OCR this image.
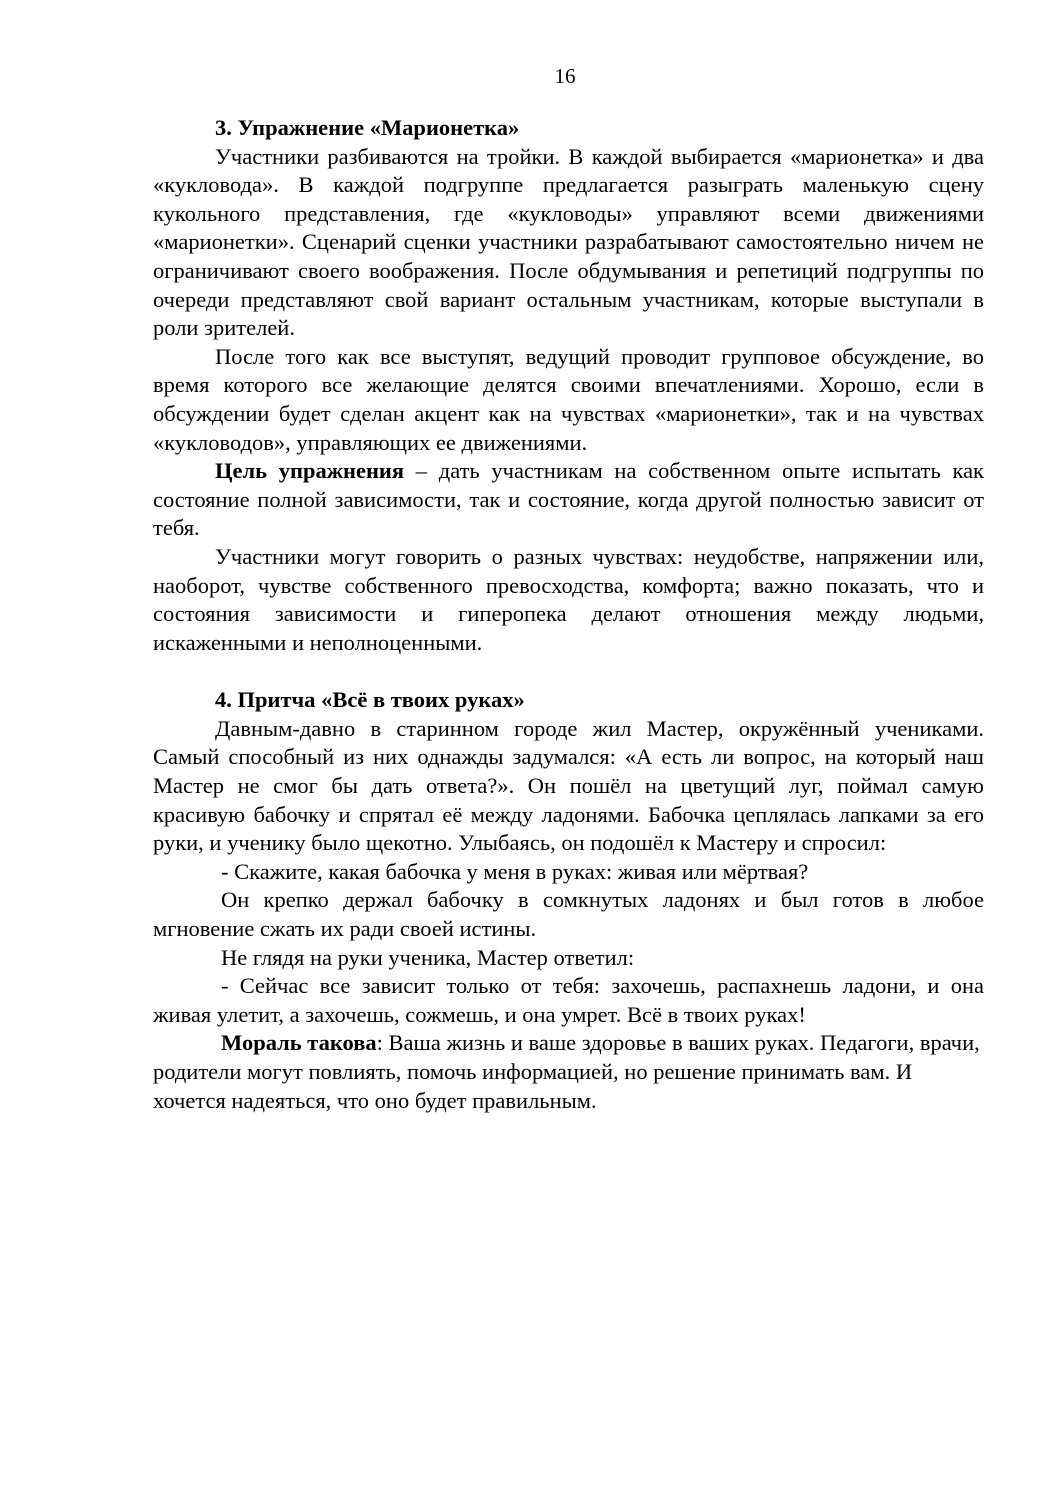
16

3. Упражнение «Марионетка»

Участники разбиваются на тройки. В каждой выбирается «марионетка» и два «кукловода». В каждой подгруппе предлагается разыграть маленькую сцену кукольного представления, где «кукловоды» управляют всеми движениями «марионетки». Сценарий сценки участники разрабатывают самостоятельно ничем не ограничивают своего воображения. После обдумывания и репетиций подгруппы по очереди представляют свой вариант остальным участникам, которые выступали в роли зрителей.

После того как все выступят, ведущий проводит групповое обсуждение, во время которого все желающие делятся своими впечатлениями. Хорошо, если в обсуждении будет сделан акцент как на чувствах «марионетки», так и на чувствах «кукловодов», управляющих ее движениями.

Цель упражнения – дать участникам на собственном опыте испытать как состояние полной зависимости, так и состояние, когда другой полностью зависит от тебя.

Участники могут говорить о разных чувствах: неудобстве, напряжении или, наоборот, чувстве собственного превосходства, комфорта; важно показать, что и состояния зависимости и гиперопека делают отношения между людьми, искаженными и неполноценными.

4. Притча «Всё в твоих руках»

Давным-давно в старинном городе жил Мастер, окружённый учениками. Самый способный из них однажды задумался: «А есть ли вопрос, на который наш Мастер не смог бы дать ответа?». Он пошёл на цветущий луг, поймал самую красивую бабочку и спрятал её между ладонями. Бабочка цеплялась лапками за его руки, и ученику было щекотно. Улыбаясь, он подошёл к Мастеру и спросил:

- Скажите, какая бабочка у меня в руках: живая или мёртвая?

Он крепко держал бабочку в сомкнутых ладонях и был готов в любое мгновение сжать их ради своей истины.

Не глядя на руки ученика, Мастер ответил:

- Сейчас все зависит только от тебя: захочешь, распахнешь ладони, и она живая улетит, а захочешь, сожмешь, и она умрет. Всё в твоих руках!

Мораль такова: Ваша жизнь и ваше здоровье в ваших руках. Педагоги, врачи, родители могут повлиять, помочь информацией, но решение принимать вам. И хочется надеяться, что оно будет правильным.
